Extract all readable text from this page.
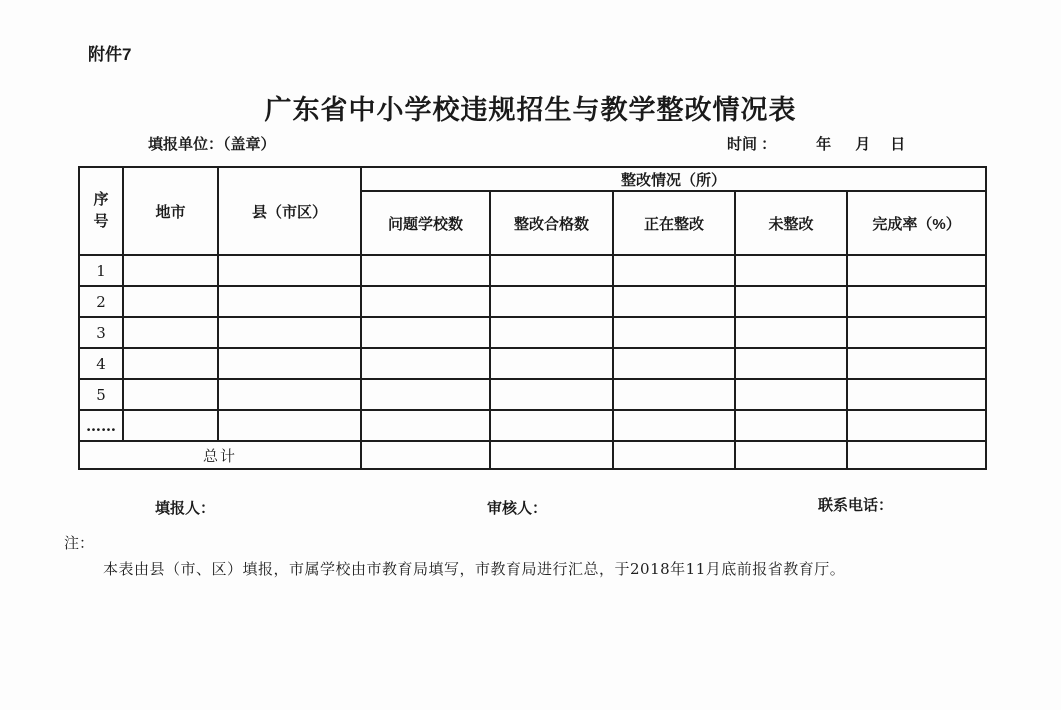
附件7
广东省中小学校违规招生与教学整改情况表
填报单位：（盖章）	时间 ：	年 月 日
序号	地市	县（市区）	整改情况（所）				
			问题学校数	整改合格数	正在整改	未整改	完成率（%）
1							
2							
3							
4							
5							
……							
总计							
填报人：	审核人：	联系电话：
注：
本表由县（市、区）填报，市属学校由市教育局填写，市教育局进行汇总，于2018年11月底前报省教育厅。
